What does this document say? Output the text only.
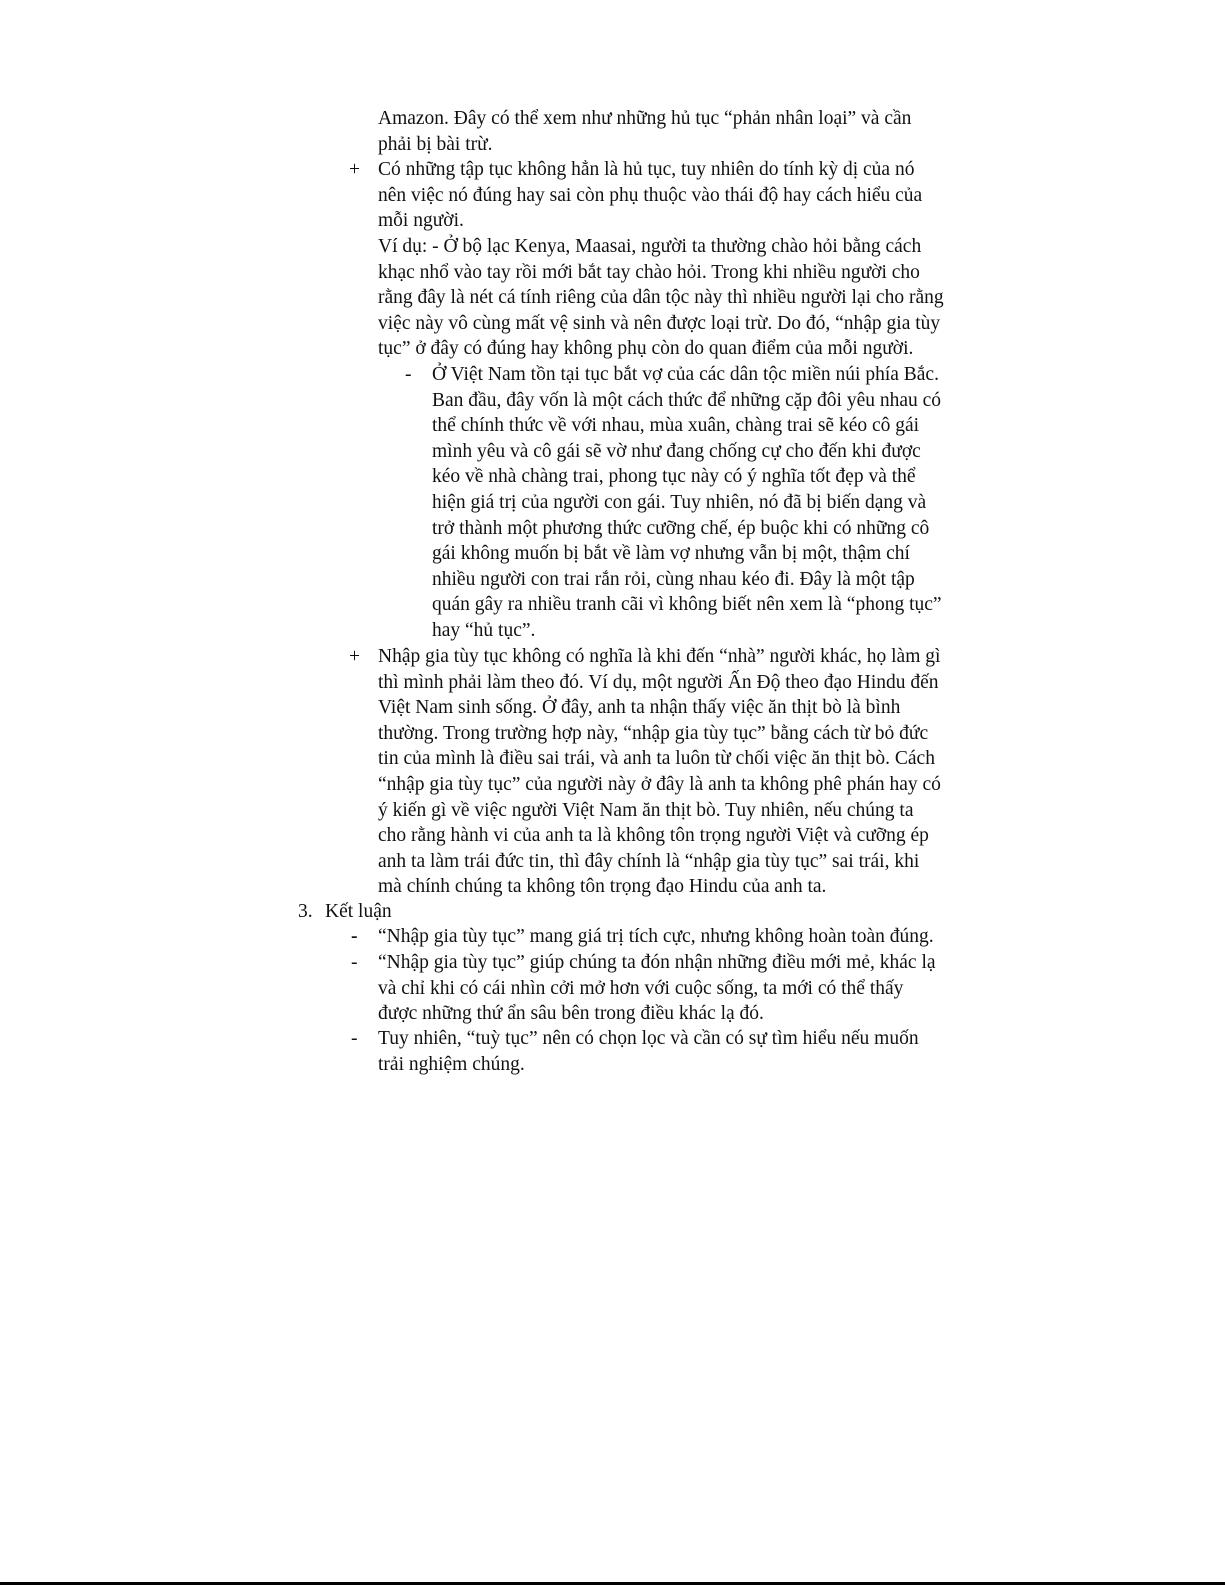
Amazon. Đây có thể xem như những hủ tục “phản nhân loại” và cần phải bị bài trừ.

+ Có những tập tục không hẳn là hủ tục, tuy nhiên do tính kỳ dị của nó nên việc nó đúng hay sai còn phụ thuộc vào thái độ hay cách hiểu của mỗi người.

Ví dụ: - Ở bộ lạc Kenya, Maasai, người ta thường chào hỏi bằng cách khạc nhổ vào tay rồi mới bắt tay chào hỏi. Trong khi nhiều người cho rằng đây là nét cá tính riêng của dân tộc này thì nhiều người lại cho rằng việc này vô cùng mất vệ sinh và nên được loại trừ. Do đó, “nhập gia tùy tục” ở đây có đúng hay không phụ còn do quan điểm của mỗi người.

- Ở Việt Nam tồn tại tục bắt vợ của các dân tộc miền núi phía Bắc. Ban đầu, đây vốn là một cách thức để những cặp đôi yêu nhau có thể chính thức về với nhau, mùa xuân, chàng trai sẽ kéo cô gái mình yêu và cô gái sẽ vờ như đang chống cự cho đến khi được kéo về nhà chàng trai, phong tục này có ý nghĩa tốt đẹp và thể hiện giá trị của người con gái. Tuy nhiên, nó đã bị biến dạng và trở thành một phương thức cưỡng chế, ép buộc khi có những cô gái không muốn bị bắt về làm vợ nhưng vẫn bị một, thậm chí nhiều người con trai rắn rỏi, cùng nhau kéo đi. Đây là một tập quán gây ra nhiều tranh cãi vì không biết nên xem là “phong tục” hay “hủ tục”.

+ Nhập gia tùy tục không có nghĩa là khi đến “nhà” người khác, họ làm gì thì mình phải làm theo đó. Ví dụ, một người Ấn Độ theo đạo Hindu đến Việt Nam sinh sống. Ở đây, anh ta nhận thấy việc ăn thịt bò là bình thường. Trong trường hợp này, “nhập gia tùy tục” bằng cách từ bỏ đức tin của mình là điều sai trái, và anh ta luôn từ chối việc ăn thịt bò. Cách “nhập gia tùy tục” của người này ở đây là anh ta không phê phán hay có ý kiến gì về việc người Việt Nam ăn thịt bò. Tuy nhiên, nếu chúng ta cho rằng hành vi của anh ta là không tôn trọng người Việt và cưỡng ép anh ta làm trái đức tin, thì đây chính là “nhập gia tùy tục” sai trái, khi mà chính chúng ta không tôn trọng đạo Hindu của anh ta.

3. Kết luận
- “Nhập gia tùy tục” mang giá trị tích cực, nhưng không hoàn toàn đúng.

- “Nhập gia tùy tục” giúp chúng ta đón nhận những điều mới mẻ, khác lạ và chỉ khi có cái nhìn cởi mở hơn với cuộc sống, ta mới có thể thấy được những thứ ẩn sâu bên trong điều khác lạ đó.

- Tuy nhiên, “tuỳ tục” nên có chọn lọc và cần có sự tìm hiểu nếu muốn trải nghiệm chúng.
